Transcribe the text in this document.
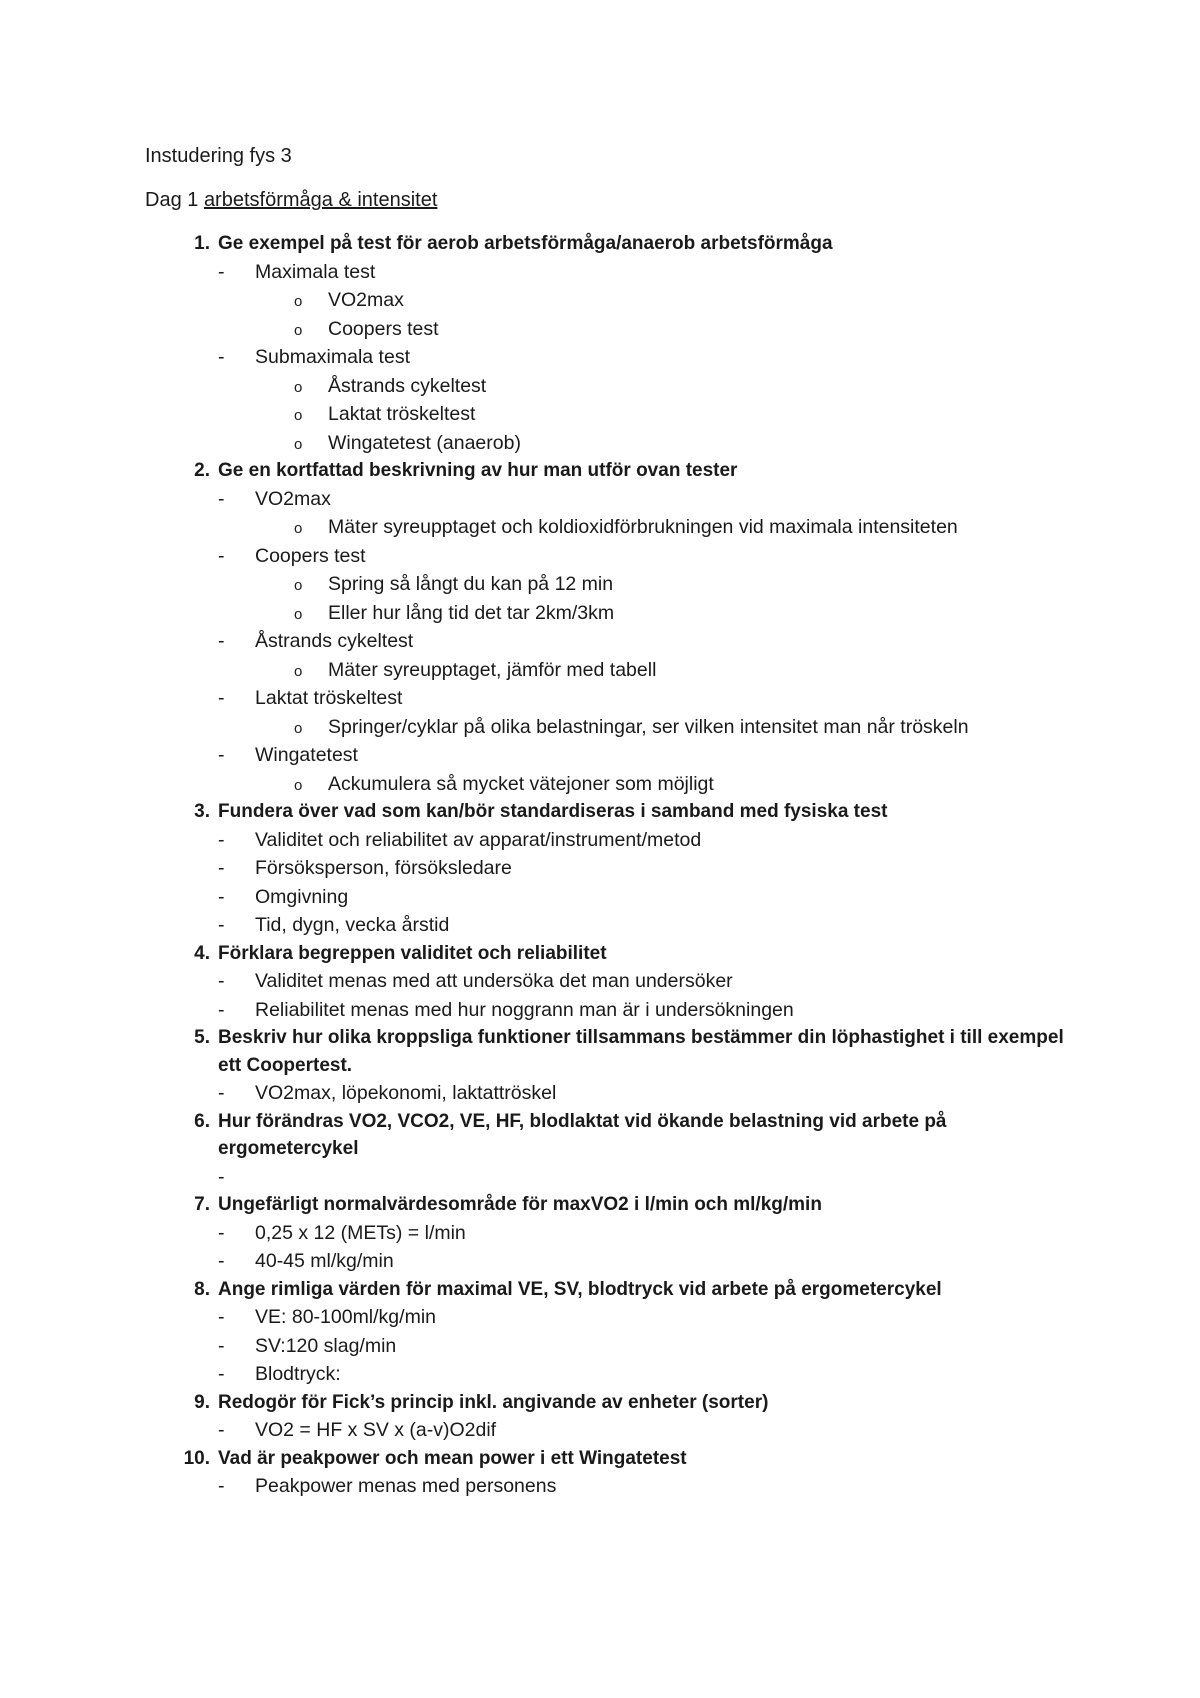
Instudering fys 3
Dag 1 arbetsförmåga & intensitet
1. Ge exempel på test för aerob arbetsförmåga/anaerob arbetsförmåga
- Maximala test
o VO2max
o Coopers test
- Submaximala test
o Åstrands cykeltest
o Laktat tröskeltest
o Wingatetest (anaerob)
2. Ge en kortfattad beskrivning av hur man utför ovan tester
- VO2max
o Mäter syreupptaget och koldioxidförbrukningen vid maximala intensiteten
- Coopers test
o Spring så långt du kan på 12 min
o Eller hur lång tid det tar 2km/3km
- Åstrands cykeltest
o Mäter syreupptaget, jämför med tabell
- Laktat tröskeltest
o Springer/cyklar på olika belastningar, ser vilken intensitet man når tröskeln
- Wingatetest
o Ackumulera så mycket vätejoner som möjligt
3. Fundera över vad som kan/bör standardiseras i samband med fysiska test
- Validitet och reliabilitet av apparat/instrument/metod
- Försöksperson, försöksledare
- Omgivning
- Tid, dygn, vecka årstid
4. Förklara begreppen validitet och reliabilitet
- Validitet menas med att undersöka det man undersöker
- Reliabilitet menas med hur noggrann man är i undersökningen
5. Beskriv hur olika kroppsliga funktioner tillsammans bestämmer din löphastighet i till exempel ett Coopertest.
- VO2max, löpekonomi, laktattröskel
6. Hur förändras VO2, VCO2, VE, HF, blodlaktat vid ökande belastning vid arbete på ergometercykel
-
7. Ungefärligt normalvärdesområde för maxVO2 i l/min och ml/kg/min
- 0,25 x 12 (METs) = l/min
- 40-45 ml/kg/min
8. Ange rimliga värden för maximal VE, SV, blodtryck vid arbete på ergometercykel
- VE: 80-100ml/kg/min
- SV:120 slag/min
- Blodtryck:
9. Redogör för Fick’s princip inkl. angivande av enheter (sorter)
- VO2 = HF x SV x (a-v)O2dif
10. Vad är peakpower och mean power i ett Wingatetest
- Peakpower menas med personens
